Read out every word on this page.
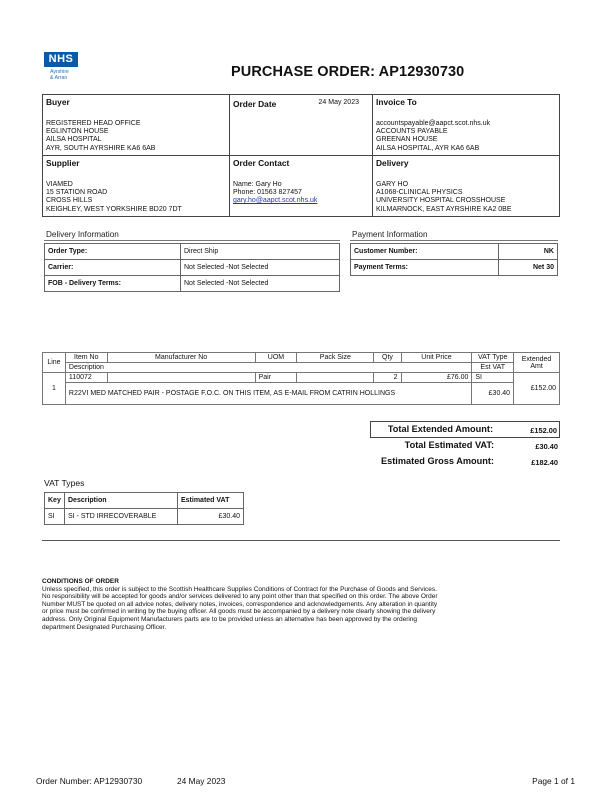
NHS
Ayrshire
& Arran	PURCHASE ORDER: AP12930730
Buyer
REGISTERED HEAD OFFICE
EGLINTON HOUSE
AILSA HOSPITAL
AYR, SOUTH AYRSHIRE KA6 6AB
Order Date	24 May 2023	Invoice To
accountspayable@aapct.scot.nhs.uk
ACCOUNTS PAYABLE
GREENAN HOUSE
AILSA HOSPITAL, AYR KA6 6AB
Supplier
VIAMED
15 STATION ROAD
CROSS HILLS
KEIGHLEY, WEST YORKSHIRE BD20 7DT
Order Contact
Name: Gary Ho
Phone: 01563 827457
gary.ho@aapct.scot.nhs.uk
Delivery
GARY HO
A1068-CLINICAL PHYSICS
UNIVERSITY HOSPITAL CROSSHOUSE
KILMARNOCK, EAST AYRSHIRE KA2 0BE
Delivery Information
Order Type:	Direct Ship
Carrier:	Not Selected -Not Selected
FOB - Delivery Terms:	Not Selected -Not Selected
Payment Information
Customer Number:	NK
Payment Terms:	Net 30
Line	Item No	Manufacturer No	UOM	Pack Size	Qty	Unit Price	VAT Type	Extended Amt
	Description						Est VAT	
1	110072		Pair		2	£76.00	SI	£152.00
	R22VI MED MATCHED PAIR - POSTAGE F.O.C. ON THIS ITEM, AS E-MAIL FROM CATRIN HOLLINGS						£30.40	
Total Extended Amount:	£152.00
Total Estimated VAT:	£30.40
Estimated Gross Amount:	£182.40
VAT Types
Key	Description	Estimated VAT
SI	SI - STD IRRECOVERABLE	£30.40
CONDITIONS OF ORDER
Unless specified, this order is subject to the Scottish Healthcare Supplies Conditions of Contract for the Purchase of Goods and Services.
No responsibility will be accepted for goods and/or services delivered to any point other than that specified on this order. The above Order
Number MUST be quoted on all advice notes, delivery notes, invoices, correspondence and acknowledgements. Any alteration in quantity
or price must be confirmed in writing by the buying officer. All goods must be accompanied by a delivery note clearly showing the delivery
address. Only Original Equipment Manufacturers parts are to be provided unless an alternative has been approved by the ordering
department Designated Purchasing Officer.
Order Number: AP12930730	24 May 2023	Page 1 of 1
